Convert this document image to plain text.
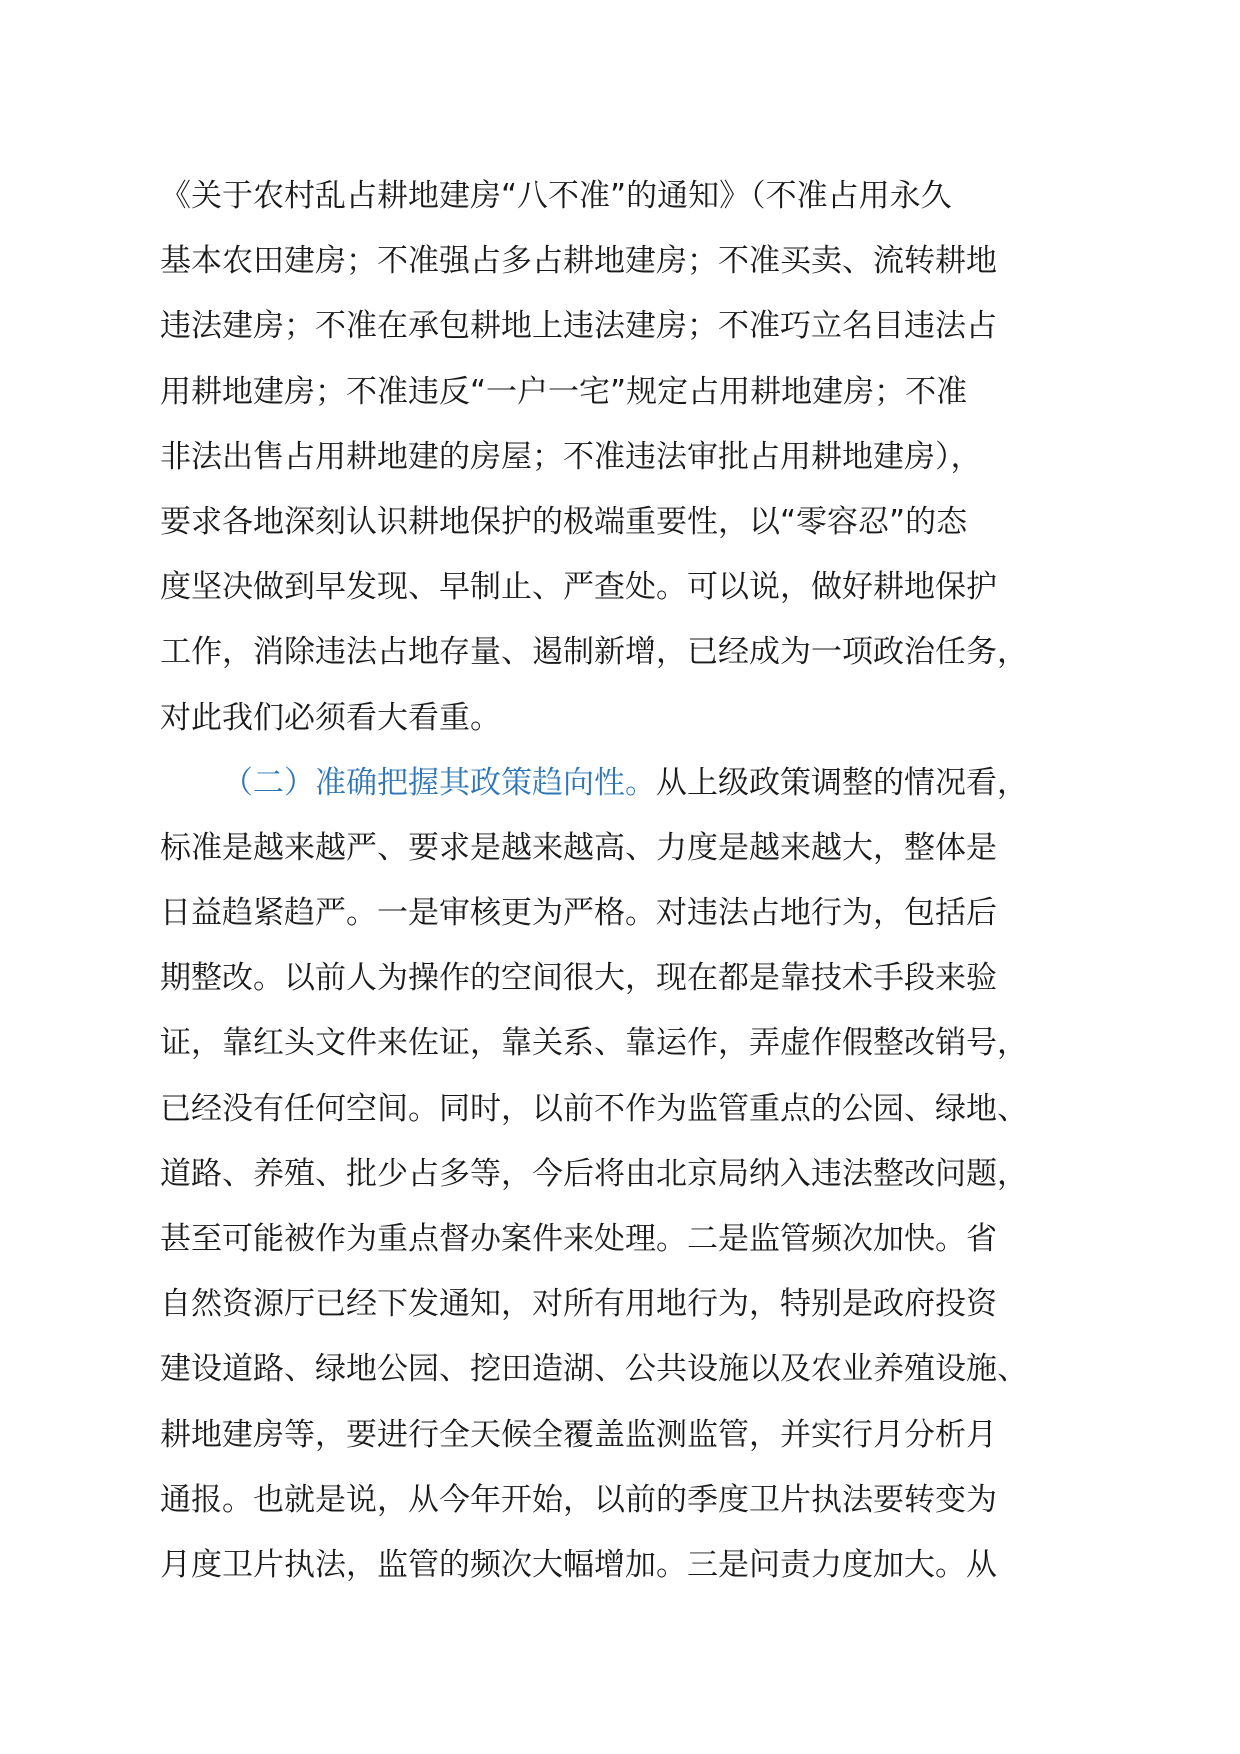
《关于农村乱占耕地建房“八不准”的通知》（不准占用永久
基本农田建房；不准强占多占耕地建房；不准买卖、流转耕地
违法建房；不准在承包耕地上违法建房；不准巧立名目违法占
用耕地建房；不准违反“一户一宅”规定占用耕地建房；不准
非法出售占用耕地建的房屋；不准违法审批占用耕地建房），
要求各地深刻认识耕地保护的极端重要性，以“零容忍”的态
度坚决做到早发现、早制止、严查处。可以说，做好耕地保护
工作，消除违法占地存量、遏制新增，已经成为一项政治任务，
对此我们必须看大看重。
（二）准确把握其政策趋向性。从上级政策调整的情况看，
标准是越来越严、要求是越来越高、力度是越来越大，整体是
日益趋紧趋严。一是审核更为严格。对违法占地行为，包括后
期整改。以前人为操作的空间很大，现在都是靠技术手段来验
证，靠红头文件来佐证，靠关系、靠运作，弄虚作假整改销号，
已经没有任何空间。同时，以前不作为监管重点的公园、绿地、
道路、养殖、批少占多等，今后将由北京局纳入违法整改问题，
甚至可能被作为重点督办案件来处理。二是监管频次加快。省
自然资源厅已经下发通知，对所有用地行为，特别是政府投资
建设道路、绿地公园、挖田造湖、公共设施以及农业养殖设施、
耕地建房等，要进行全天候全覆盖监测监管，并实行月分析月
通报。也就是说，从今年开始，以前的季度卫片执法要转变为
月度卫片执法，监管的频次大幅增加。三是问责力度加大。从
